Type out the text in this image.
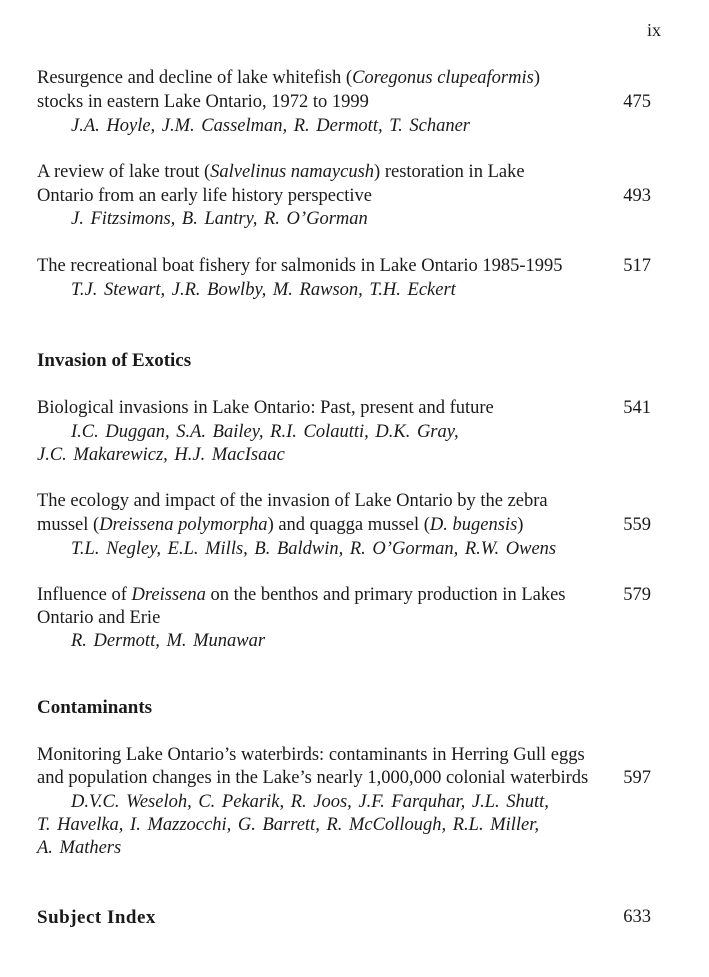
ix
Resurgence and decline of lake whitefish (Coregonus clupeaformis)
stocks in eastern Lake Ontario, 1972 to 1999	475
J.A. Hoyle, J.M. Casselman, R. Dermott, T. Schaner
A review of lake trout (Salvelinus namaycush) restoration in Lake
Ontario from an early life history perspective	493
J. Fitzsimons, B. Lantry, R. O’Gorman
The recreational boat fishery for salmonids in Lake Ontario 1985-1995	517
T.J. Stewart, J.R. Bowlby, M. Rawson, T.H. Eckert
Invasion of Exotics
Biological invasions in Lake Ontario: Past, present and future	541
I.C. Duggan, S.A. Bailey, R.I. Colautti, D.K. Gray,
J.C. Makarewicz, H.J. MacIsaac
The ecology and impact of the invasion of Lake Ontario by the zebra
mussel (Dreissena polymorpha) and quagga mussel (D. bugensis)	559
T.L. Negley, E.L. Mills, B. Baldwin, R. O’Gorman, R.W. Owens
Influence of Dreissena on the benthos and primary production in Lakes	579
Ontario and Erie
R. Dermott, M. Munawar
Contaminants
Monitoring Lake Ontario’s waterbirds: contaminants in Herring Gull eggs
and population changes in the Lake’s nearly 1,000,000 colonial waterbirds 597
D.V.C. Weseloh, C. Pekarik, R. Joos, J.F. Farquhar, J.L. Shutt,
T. Havelka, I. Mazzocchi, G. Barrett, R. McCollough, R.L. Miller,
A. Mathers
Subject Index	633
